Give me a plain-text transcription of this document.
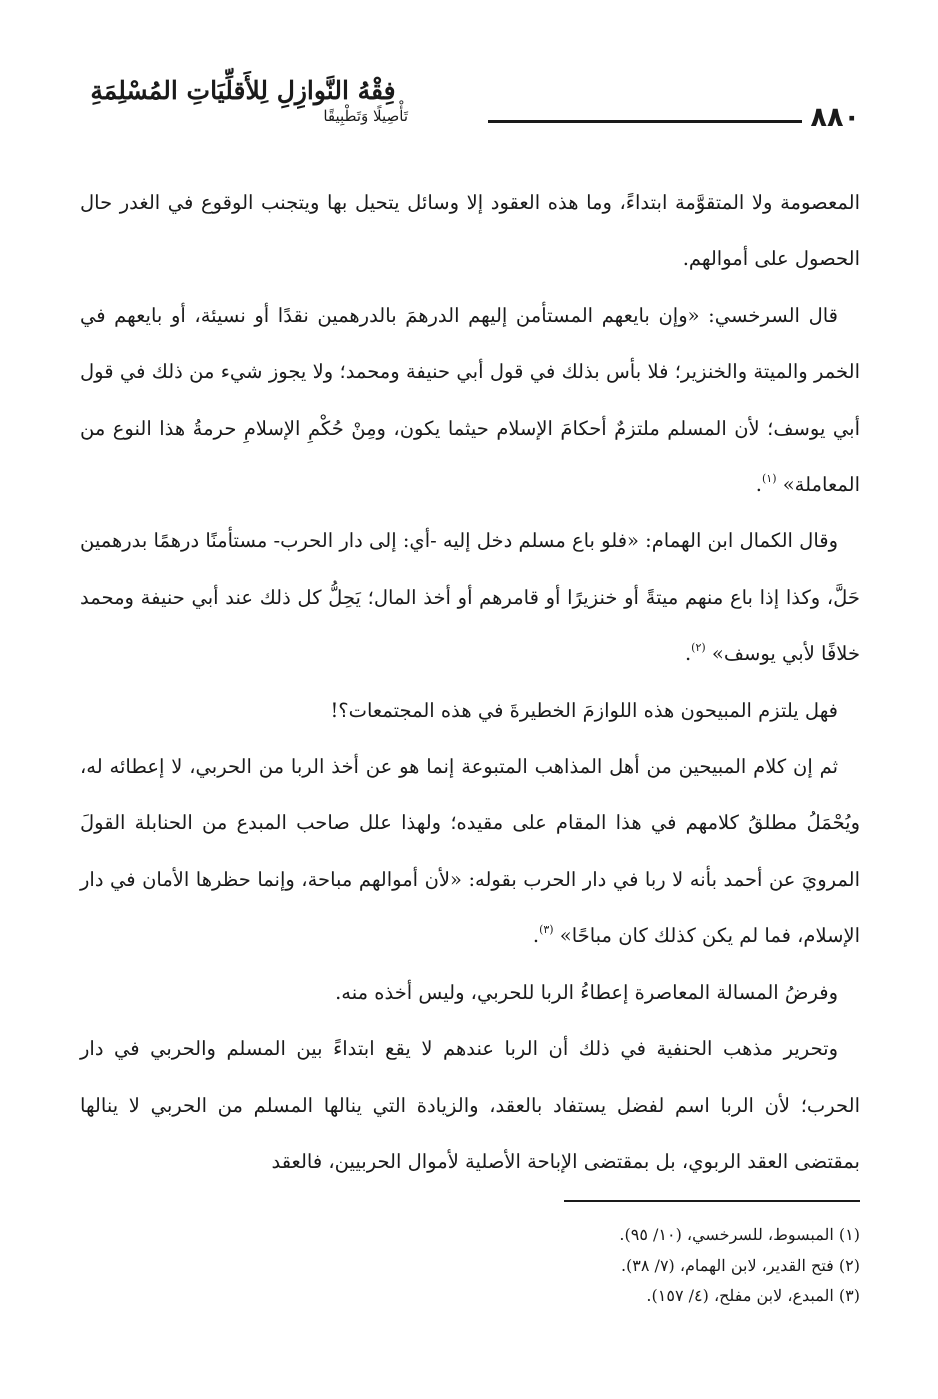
٨٨٠
فِقْهُ النَّوازِلِ لِلأَقلِّيَاتِ المُسْلِمَةِ
تَأْصِيلًا وَتَطْبِيقًا

المعصومة ولا المتقوَّمة ابتداءً، وما هذه العقود إلا وسائل يتحيل بها ويتجنب الوقوع في الغدر حال الحصول على أموالهم.

قال السرخسي: «وإن بايعهم المستأمن إليهم الدرهمَ بالدرهمين نقدًا أو نسيئة، أو بايعهم في الخمر والميتة والخنزير؛ فلا بأس بذلك في قول أبي حنيفة ومحمد؛ ولا يجوز شيء من ذلك في قول أبي يوسف؛ لأن المسلم ملتزمٌ أحكامَ الإسلام حيثما يكون، ومِنْ حُكْمِ الإسلامِ حرمةُ هذا النوع من المعاملة» $^{(١)}$.

وقال الكمال ابن الهمام: «فلو باع مسلم دخل إليه -أي: إلى دار الحرب- مستأمنًا درهمًا بدرهمين حَلَّ، وكذا إذا باع منهم ميتةً أو خنزيرًا أو قامرهم أو أخذ المال؛ يَحِلُّ كل ذلك عند أبي حنيفة ومحمد خلافًا لأبي يوسف» $^{(٢)}$.

فهل يلتزم المبيحون هذه اللوازمَ الخطيرةَ في هذه المجتمعات؟!

ثم إن كلام المبيحين من أهل المذاهب المتبوعة إنما هو عن أخذ الربا من الحربي، لا إعطائه له، ويُحْمَلُ مطلقُ كلامهم في هذا المقام على مقيده؛ ولهذا علل صاحب المبدع من الحنابلة القولَ المرويَ عن أحمد بأنه لا ربا في دار الحرب بقوله: «لأن أموالهم مباحة، وإنما حظرها الأمان في دار الإسلام، فما لم يكن كذلك كان مباحًا» $^{(٣)}$.

وفرضُ المسالة المعاصرة إعطاءُ الربا للحربي، وليس أخذه منه.

وتحرير مذهب الحنفية في ذلك أن الربا عندهم لا يقع ابتداءً بين المسلم والحربي في دار الحرب؛ لأن الربا اسم لفضل يستفاد بالعقد، والزيادة التي ينالها المسلم من الحربي لا ينالها بمقتضى العقد الربوي، بل بمقتضى الإباحة الأصلية لأموال الحربيين، فالعقد

(١) المبسوط، للسرخسي، (١٠/ ٩٥).

(٢) فتح القدير، لابن الهمام، (٧/ ٣٨).

(٣) المبدع، لابن مفلح، (٤/ ١٥٧).
